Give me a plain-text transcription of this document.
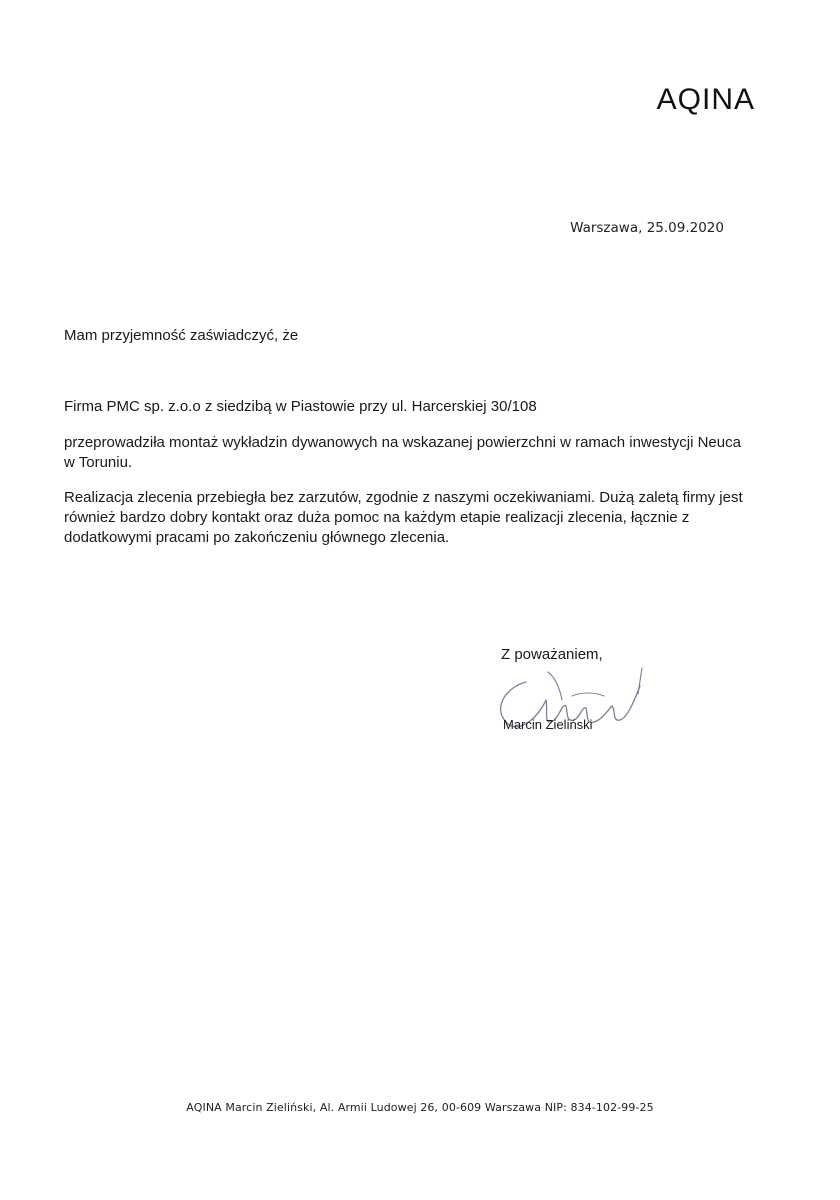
AQINA
Warszawa, 25.09.2020
Mam przyjemność zaświadczyć, że
Firma PMC sp. z.o.o z siedzibą w Piastowie przy ul. Harcerskiej 30/108
przeprowadziła montaż wykładzin dywanowych na wskazanej powierzchni w ramach inwestycji Neuca w Toruniu.
Realizacja zlecenia przebiegła bez zarzutów, zgodnie z naszymi oczekiwaniami. Dużą zaletą firmy jest również bardzo dobry kontakt oraz duża pomoc na każdym etapie realizacji zlecenia, łącznie z dodatkowymi pracami po zakończeniu głównego zlecenia.
Z poważaniem,
Marcin Zieliński
AQINA Marcin Zieliński, Al. Armii Ludowej 26, 00-609 Warszawa NIP: 834-102-99-25
